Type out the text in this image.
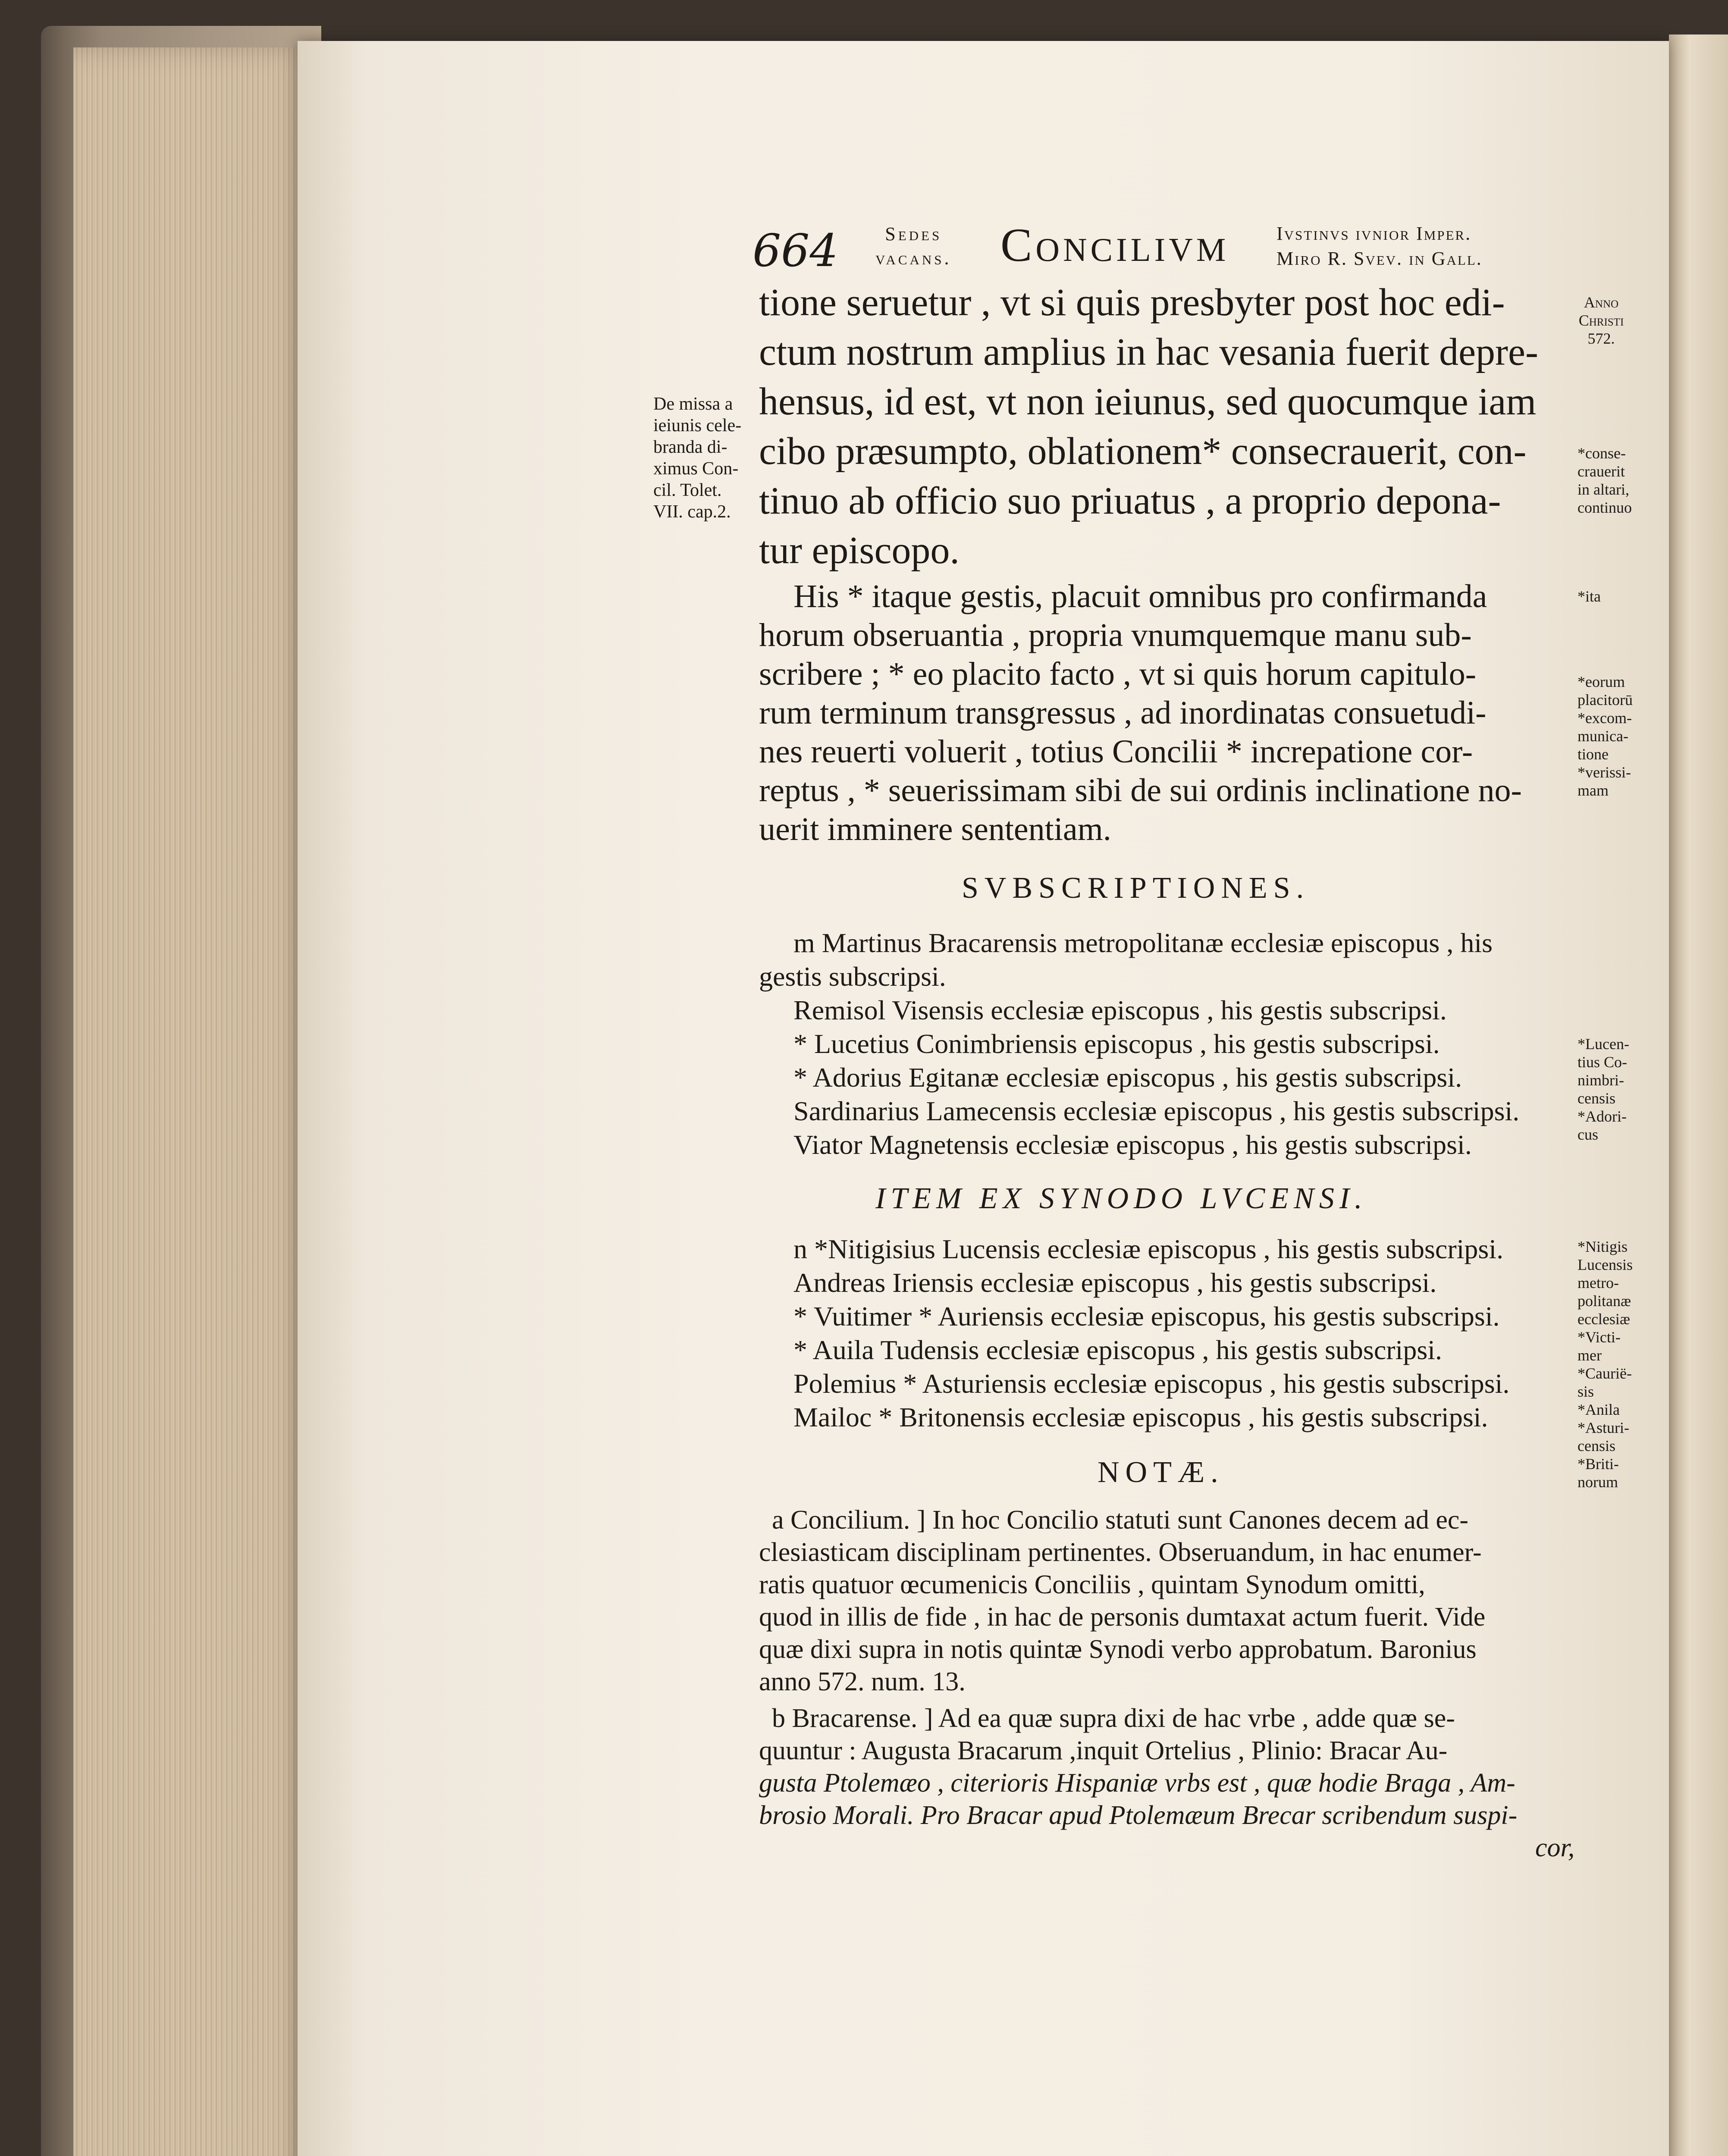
664	Sedes
vacans. Concilivm Ivstinvs ivnior Imper.
Miro R. Svev. in Gall.
De missa a
ieiunis cele-
branda di-
ximus Con-
cil. Tolet.
VII. cap.2.
Anno
Christi
572.
*conse-
crauerit
in altari,
continuo
*ita
*eorum
placitorū
*excom-
munica-
tione
*verissi-
mam
*Lucen-
tius Co-
nimbri-
censis
*Adori-
cus
*Nitigis
Lucensis
metro-
politanæ
ecclesiæ
*Victi-
mer
*Caurië-
sis
*Anila
*Asturi-
censis
*Briti-
norum
tione seruetur , vt si quis presbyter post hoc edi-
ctum nostrum amplius in hac vesania fuerit depre-
hensus, id est, vt non ieiunus, sed quocumque iam
cibo præsumpto, oblationem* consecrauerit, con-
tinuo ab officio suo priuatus , a proprio depona-
tur episcopo.
His * itaque gestis, placuit omnibus pro confirmanda
horum obseruantia , propria vnumquemque manu sub-
scribere ; * eo placito facto , vt si quis horum capitulo-
rum terminum transgressus , ad inordinatas consuetudi-
nes reuerti voluerit , totius Concilii * increpatione cor-
reptus , * seuerissimam sibi de sui ordinis inclinatione no-
uerit imminere sententiam.
SVBSCRIPTIONES.
m Martinus Bracarensis metropolitanæ ecclesiæ episcopus , his
gestis subscripsi.
Remisol Visensis ecclesiæ episcopus , his gestis subscripsi.
* Lucetius Conimbriensis episcopus , his gestis subscripsi.
* Adorius Egitanæ ecclesiæ episcopus , his gestis subscripsi.
Sardinarius Lamecensis ecclesiæ episcopus , his gestis subscripsi.
Viator Magnetensis ecclesiæ episcopus , his gestis subscripsi.
ITEM EX SYNODO LVCENSI.
n *Nitigisius Lucensis ecclesiæ episcopus , his gestis subscripsi.
Andreas Iriensis ecclesiæ episcopus , his gestis subscripsi.
* Vuitimer * Auriensis ecclesiæ episcopus, his gestis subscripsi.
* Auila Tudensis ecclesiæ episcopus , his gestis subscripsi.
Polemius * Asturiensis ecclesiæ episcopus , his gestis subscripsi.
Mailoc * Britonensis ecclesiæ episcopus , his gestis subscripsi.
NOTÆ.
a Concilium. ] In hoc Concilio statuti sunt Canones decem ad ec-
clesiasticam disciplinam pertinentes. Obseruandum, in hac enumer-
ratis quatuor œcumenicis Conciliis , quintam Synodum omitti,
quod in illis de fide , in hac de personis dumtaxat actum fuerit. Vide
quæ dixi supra in notis quintæ Synodi verbo approbatum. Baronius
anno 572. num. 13.
b Bracarense. ] Ad ea quæ supra dixi de hac vrbe , adde quæ se-
quuntur : Augusta Bracarum ,inquit Ortelius , Plinio: Bracar Au-
gusta Ptolemæo , citerioris Hispaniæ vrbs est , quæ hodie Braga , Am-
brosio Morali. Pro Bracar apud Ptolemæum Brecar scribendum suspi-
cor,
